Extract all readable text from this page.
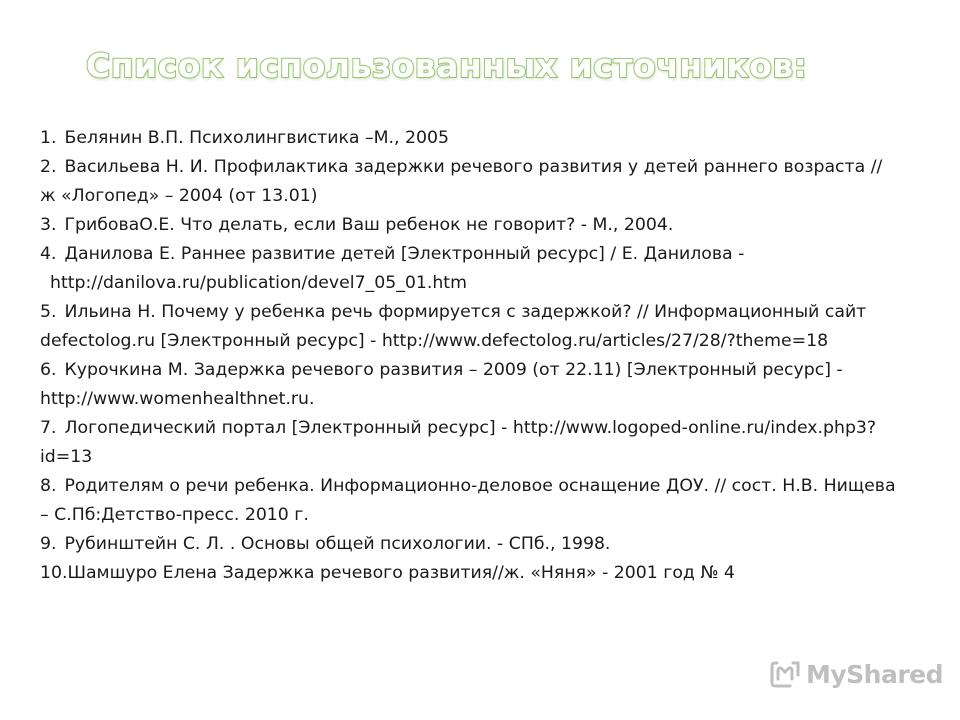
Список использованных источников:
1. Белянин В.П. Психолингвистика –М., 2005
2. Васильева Н. И. Профилактика задержки речевого развития у детей раннего возраста // ж «Логопед» – 2004 (от 13.01)
3. ГрибоваО.Е. Что делать, если Ваш ребенок не говорит? - М., 2004.
4. Данилова Е. Раннее развитие детей [Электронный ресурс] / Е. Данилова -
http://danilova.ru/publication/devel7_05_01.htm
5. Ильина Н. Почему у ребенка речь формируется с задержкой? // Информационный сайт defectolog.ru [Электронный ресурс] - http://www.defectolog.ru/articles/27/28/?theme=18
6. Курочкина М. Задержка речевого развития – 2009 (от 22.11) [Электронный ресурс] -http://www.womenhealthnet.ru.
7. Логопедический портал [Электронный ресурс] - http://www.logoped-online.ru/index.php3?id=13
8. Родителям о речи ребенка. Информационно-деловое оснащение ДОУ. // сост. Н.В. Нищева – С.Пб:Детство-пресс. 2010 г.
9. Рубинштейн С. Л. . Основы общей психологии. - СПб., 1998.
10.Шамшуро Елена Задержка речевого развития//ж. «Няня» - 2001 год № 4
MyShared
